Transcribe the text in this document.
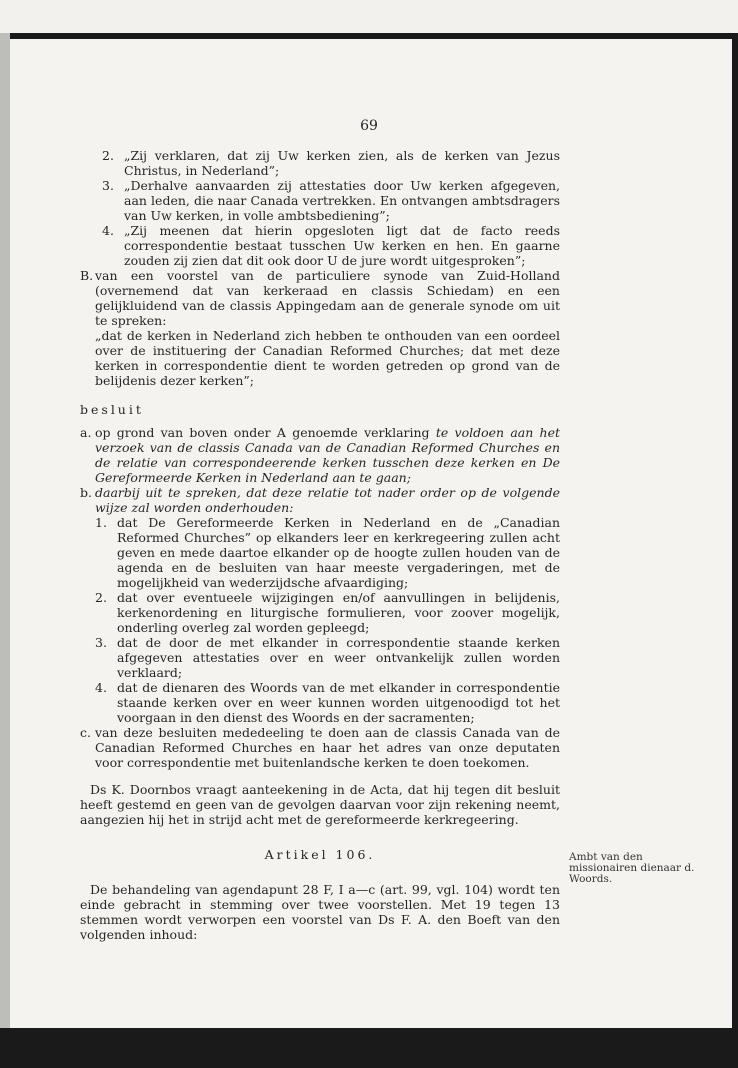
69
2. „Zij verklaren, dat zij Uw kerken zien, als de kerken van Jezus Christus, in Nederland”;
3. „Derhalve aanvaarden zij attestaties door Uw kerken afgegeven, aan leden, die naar Canada vertrekken. En ontvangen ambtsdragers van Uw kerken, in volle ambtsbediening”;
4. „Zij meenen dat hierin opgesloten ligt dat de facto reeds correspondentie bestaat tusschen Uw kerken en hen. En gaarne zouden zij zien dat dit ook door U de jure wordt uitgesproken”;
B. van een voorstel van de particuliere synode van Zuid-Holland (overnemend dat van kerkeraad en classis Schiedam) en een gelijkluidend van de classis Appingedam aan de generale synode om uit te spreken:
„dat de kerken in Nederland zich hebben te onthouden van een oordeel over de instituering der Canadian Reformed Churches; dat met deze kerken in correspondentie dient te worden getreden op grond van de belijdenis dezer kerken”;
besluit
a. op grond van boven onder A genoemde verklaring te voldoen aan het verzoek van de classis Canada van de Canadian Reformed Churches en de relatie van correspondeerende kerken tusschen deze kerken en De Gereformeerde Kerken in Nederland aan te gaan;
b. daarbij uit te spreken, dat deze relatie tot nader order op de volgende wijze zal worden onderhouden:
1. dat De Gereformeerde Kerken in Nederland en de „Canadian Reformed Churches” op elkanders leer en kerkregeering zullen acht geven en mede daartoe elkander op de hoogte zullen houden van de agenda en de besluiten van haar meeste vergaderingen, met de mogelijkheid van wederzijdsche afvaardiging;
2. dat over eventueele wijzigingen en/of aanvullingen in belijdenis, kerkenordening en liturgische formulieren, voor zoover mogelijk, onderling overleg zal worden gepleegd;
3. dat de door de met elkander in correspondentie staande kerken afgegeven attestaties over en weer ontvankelijk zullen worden verklaard;
4. dat de dienaren des Woords van de met elkander in correspondentie staande kerken over en weer kunnen worden uitgenoodigd tot het voorgaan in den dienst des Woords en der sacramenten;
c. van deze besluiten mededeeling te doen aan de classis Canada van de Canadian Reformed Churches en haar het adres van onze deputaten voor correspondentie met buitenlandsche kerken te doen toekomen.
Ds K. Doornbos vraagt aanteekening in de Acta, dat hij tegen dit besluit heeft gestemd en geen van de gevolgen daarvan voor zijn rekening neemt, aangezien hij het in strijd acht met de gereformeerde kerkregeering.
Artikel 106.
De behandeling van agendapunt 28 F, I a—c (art. 99, vgl. 104) wordt ten einde gebracht in stemming over twee voorstellen. Met 19 tegen 13 stemmen wordt verworpen een voorstel van Ds F. A. den Boeft van den volgenden inhoud:
Ambt van den missionairen dienaar d. Woords.
